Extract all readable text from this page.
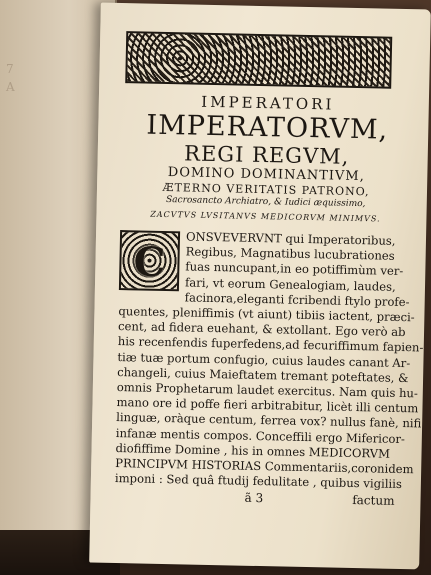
7
A

IMPERATORI
IMPERATORVM,
REGI REGVM,
DOMINO DOMINANTIVM,
ÆTERNO VERITATIS PATRONO,
Sacrosancto Archiatro, & Iudici æquissimo,
ZACVTVS LVSITANVS MEDICORVM MINIMVS.
C	ONSVEVERVNT qui Imperatoribus,
Regibus, Magnatibus lucubrationes
fuas nuncupant,in eo potiffimùm ver-
fari, vt eorum Genealogiam, laudes,
facinora,eleganti fcribendi ftylo profe-
quentes, pleniffimis (vt aiunt) tibiis iactent, præci-
cent, ad fidera euehant, & extollant. Ego verò ab
his recenfendis fuperfedens,ad fecuriffimum fapien-
tiæ tuæ portum confugio, cuius laudes canant Ar-
changeli, cuius Maieftatem tremant poteftates, &
omnis Prophetarum laudet exercitus. Nam quis hu-
mano ore id poffe fieri arbitrabitur, licèt illi centum
linguæ, oràque centum, ferrea vox? nullus fanè, nifi
infanæ mentis compos. Conceffili ergo Mifericor-
diofiffime Domine , his in omnes MEDICORVM
PRINCIPVM HISTORIAS Commentariis,coronidem
imponi : Sed quâ ftudij fedulitate , quibus vigiliis
ã 3	factum
